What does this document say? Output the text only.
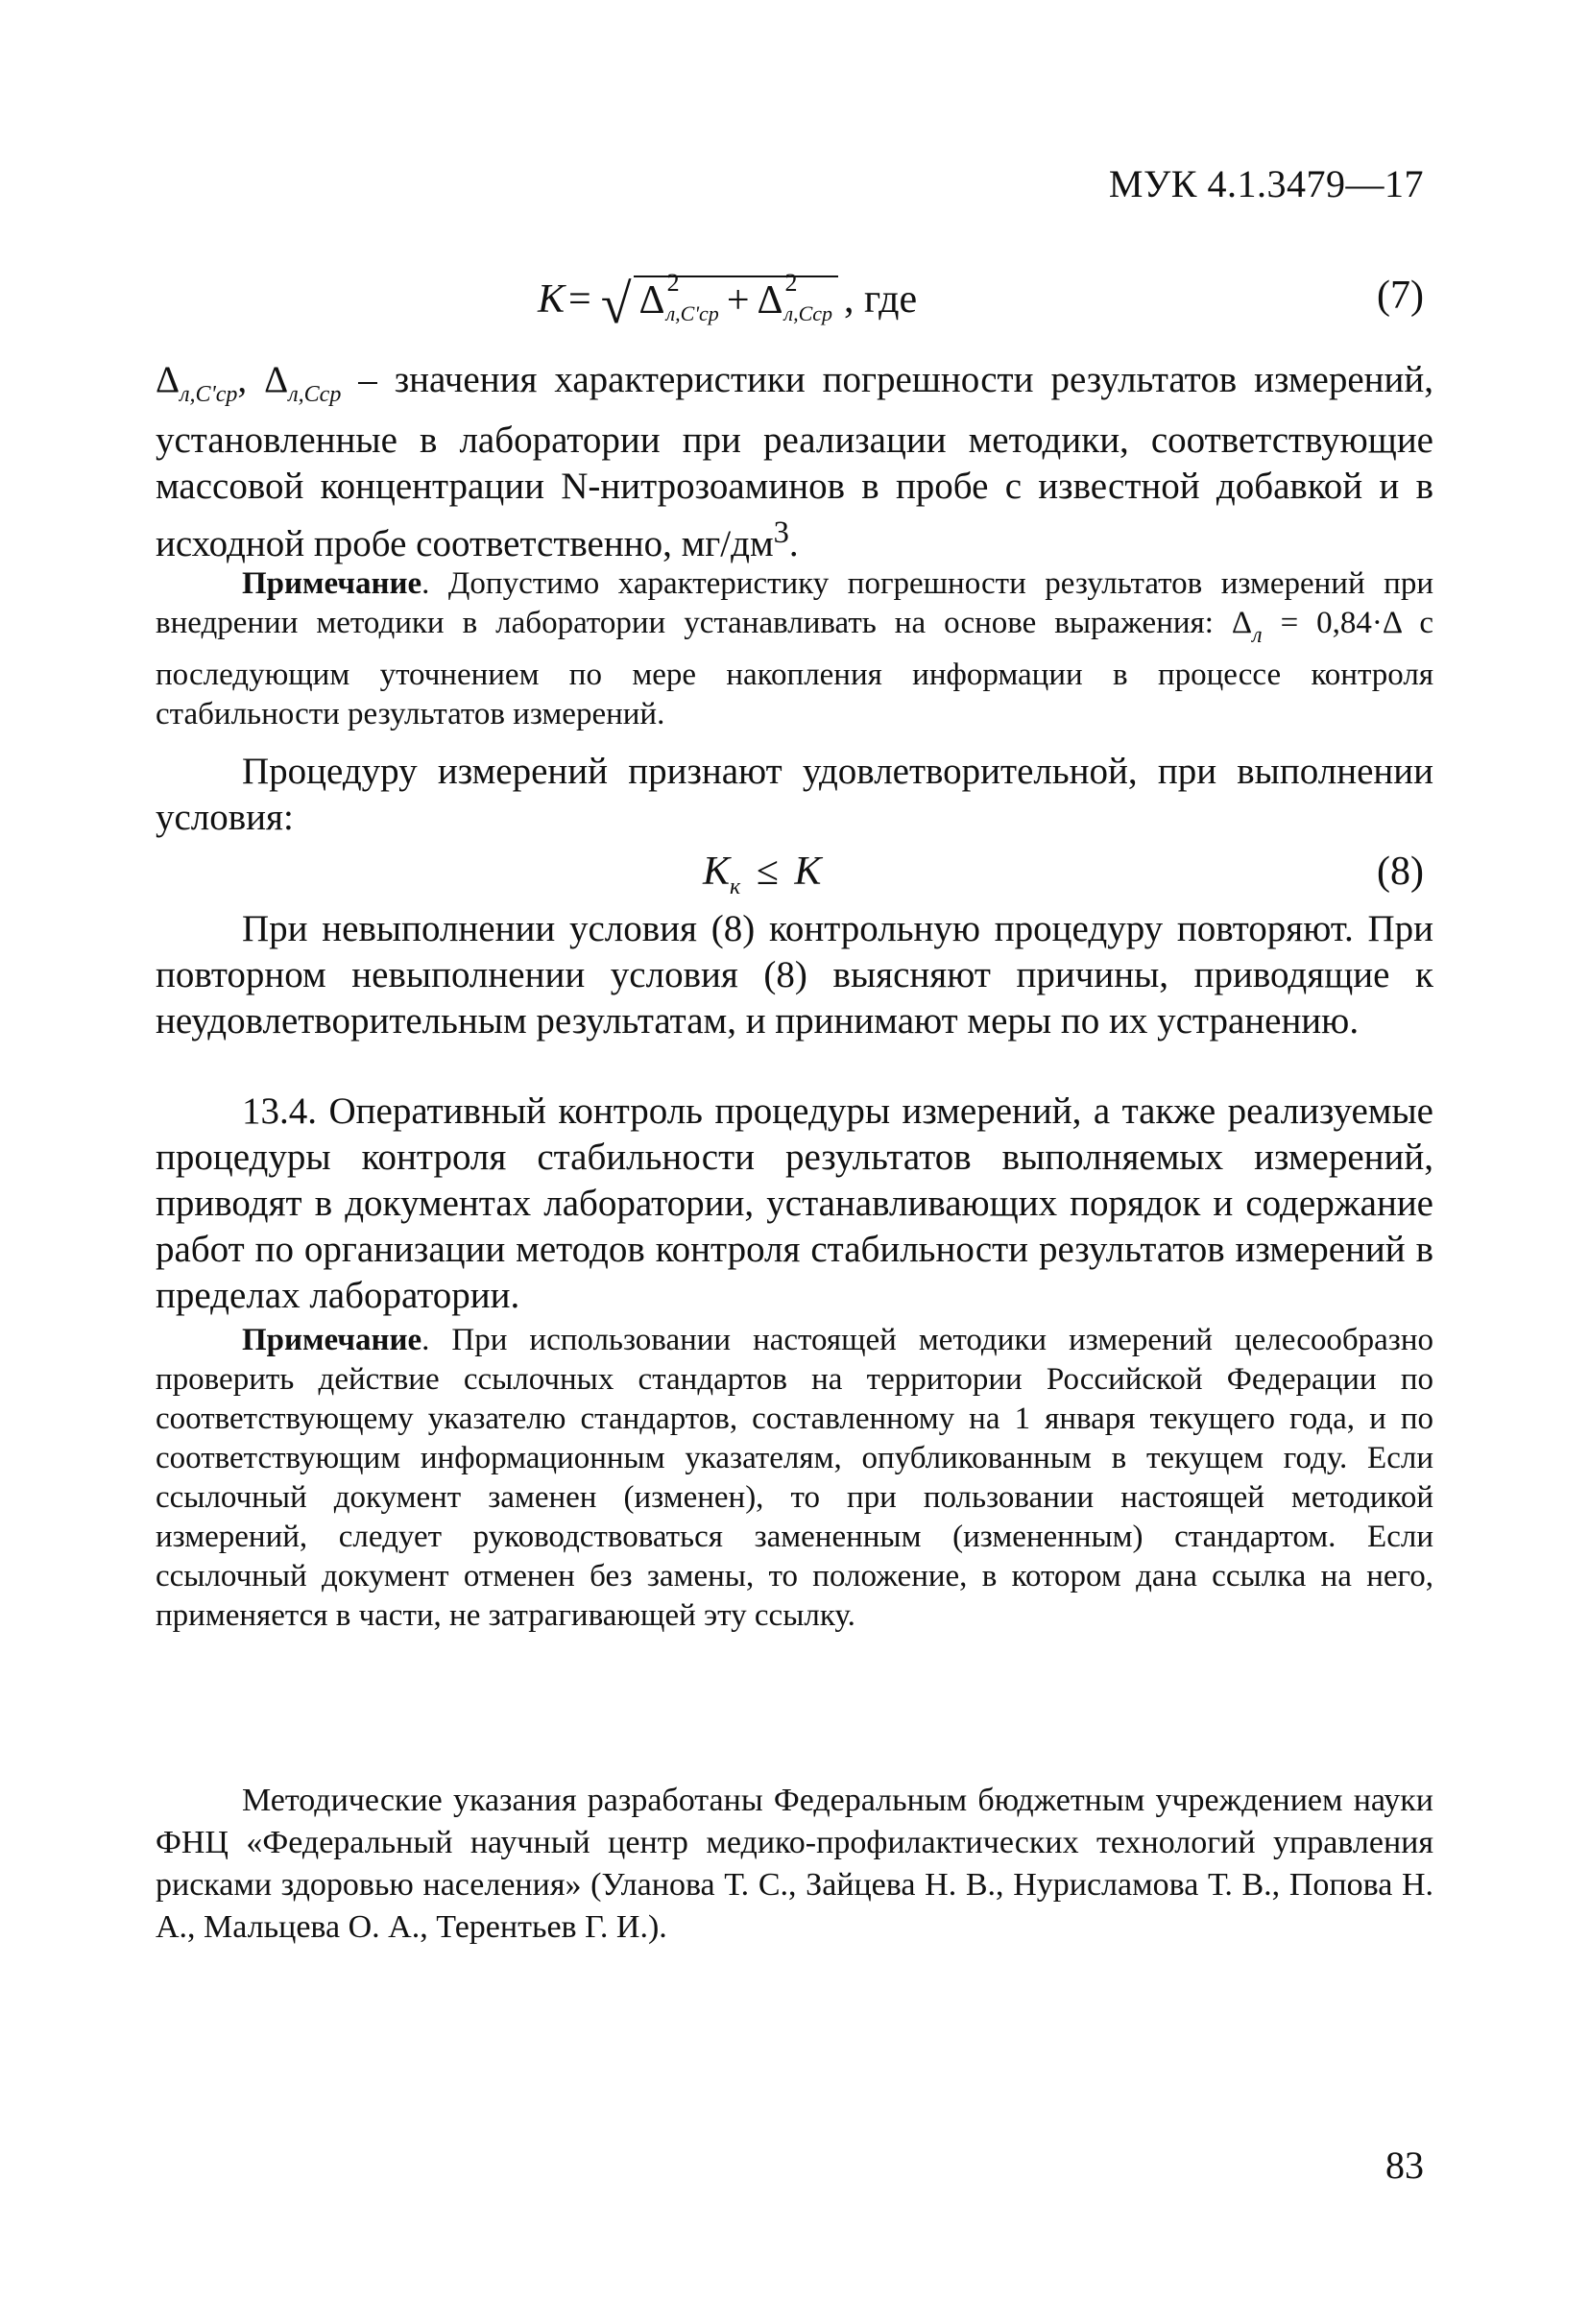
МУК 4.1.3479—17
K = √ Δ 2
л,C'ср + Δ 2
л,Cср , где	(7)

$\Delta_{л,C'ср}$, $\Delta_{л,Cср}$ – значения характеристики погрешности результатов измерений, установленные в лаборатории при реализации методики, соответствующие массовой концентрации N-нитрозоаминов в пробе с известной добавкой и в исходной пробе соответственно, $мг/дм^3$.

Примечание. Допустимо характеристику погрешности результатов измерений при внедрении методики в лаборатории устанавливать на основе выражения: $\Delta_л = 0,84\cdot\Delta$ с последующим уточнением по мере накопления информации в процессе контроля стабильности результатов измерений.
Процедуру измерений признают удовлетворительной, при выполнении условия:
$K_к \le K$	(8)
При невыполнении условия (8) контрольную процедуру повторяют. При повторном невыполнении условия (8) выясняют причины, приводящие к неудовлетворительным результатам, и принимают меры по их устранению.
13.4. Оперативный контроль процедуры измерений, а также реализуемые процедуры контроля стабильности результатов выполняемых измерений, приводят в документах лаборатории, устанавливающих порядок и содержание работ по организации методов контроля стабильности результатов измерений в пределах лаборатории.
Примечание. При использовании настоящей методики измерений целесообразно проверить действие ссылочных стандартов на территории Российской Федерации по соответствующему указателю стандартов, составленному на 1 января текущего года, и по соответствующим информационным указателям, опубликованным в текущем году. Если ссылочный документ заменен (изменен), то при пользовании настоящей методикой измерений, следует руководствоваться замененным (измененным) стандартом. Если ссылочный документ отменен без замены, то положение, в котором дана ссылка на него, применяется в части, не затрагивающей эту ссылку.
Методические указания разработаны Федеральным бюджетным учреждением науки ФНЦ «Федеральный научный центр медико-профилактических технологий управления рисками здоровью населения» (Уланова Т. С., Зайцева Н. В., Нурисламова Т. В., Попова Н. А., Мальцева О. А., Терентьев Г. И.).
83
